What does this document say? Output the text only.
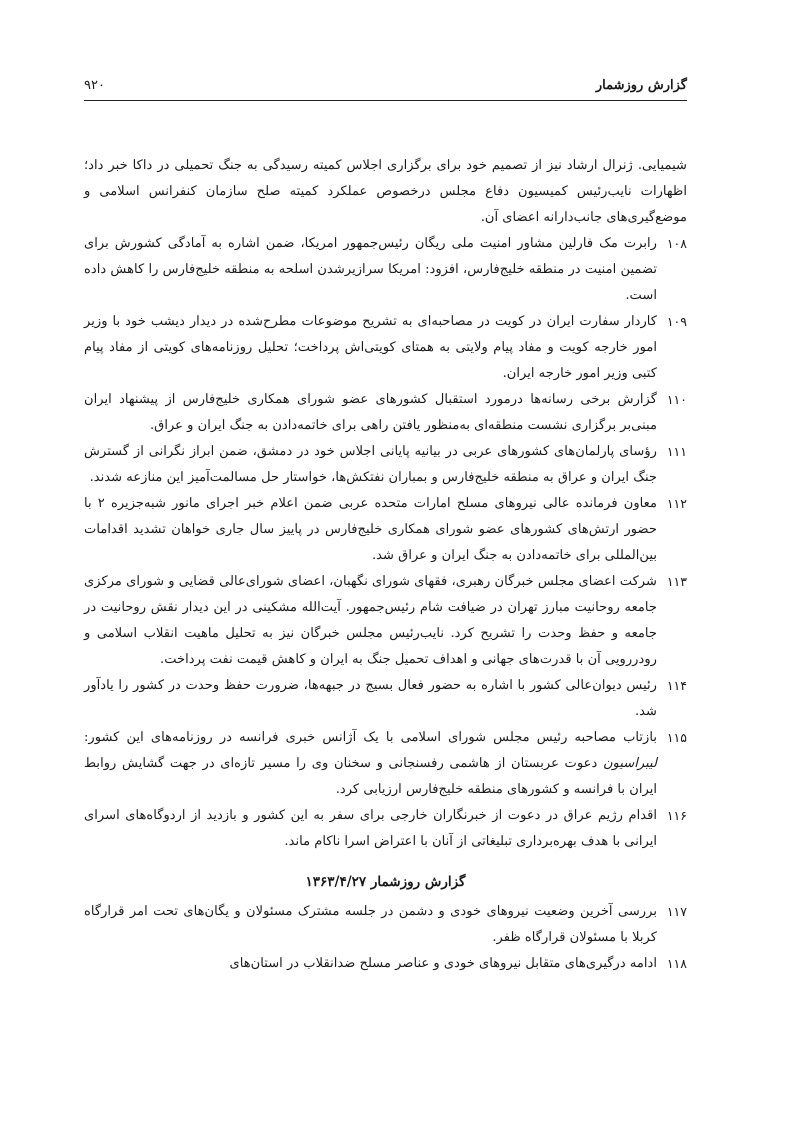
گزارش روزشمار
۹۲۰

شیمیایی. ژنرال ارشاد نیز از تصمیم خود برای برگزاری اجلاس کمیته رسیدگی به جنگ تحمیلی در داکا خبر داد؛ اظهارات نایب‌رئیس کمیسیون دفاع مجلس درخصوص عملکرد کمیته صلح سازمان کنفرانس اسلامی و موضع‌گیری‌های جانب‌دارانه اعضای آن.

۱۰۸

رابرت مک فارلین مشاور امنیت ملی ریگان رئیس‌جمهور امریکا، ضمن اشاره به آمادگی کشورش برای تضمین امنیت در منطقه خلیج‌فارس، افزود: امریکا سرازیرشدن اسلحه به منطقه خلیج‌فارس را کاهش داده است.

۱۰۹

کاردار سفارت ایران در کویت در مصاحبه‌ای به تشریح موضوعات مطرح‌شده در دیدار دیشب خود با وزیر امور خارجه کویت و مفاد پیام ولایتی به همتای کویتی‌اش پرداخت؛ تحلیل روزنامه‌های کویتی از مفاد پیام کتبی وزیر امور خارجه ایران.

۱۱۰

گزارش برخی رسانه‌ها درمورد استقبال کشورهای عضو شورای همکاری خلیج‌فارس از پیشنهاد ایران مبنی‌بر برگزاری نشست منطقه‌ای به‌منظور یافتن راهی برای خاتمه‌دادن به جنگ ایران و عراق.

۱۱۱

رؤسای پارلمان‌های کشورهای عربی در بیانیه پایانی اجلاس خود در دمشق، ضمن ابراز نگرانی از گسترش جنگ ایران و عراق به منطقه خلیج‌فارس و بمباران نفتکش‌ها، خواستار حل مسالمت‌آمیز این منازعه شدند.

۱۱۲

معاون فرمانده عالی نیروهای مسلح امارات متحده عربی ضمن اعلام خبر اجرای مانور شبه‌جزیره ۲ با حضور ارتش‌های کشورهای عضو شورای همکاری خلیج‌فارس در پاییز سال جاری خواهان تشدید اقدامات بین‌المللی برای خاتمه‌دادن به جنگ ایران و عراق شد.

۱۱۳

شرکت اعضای مجلس خبرگان رهبری، فقهای شورای نگهبان، اعضای شورای‌عالی قضایی و شورای مرکزی جامعه روحانیت مبارز تهران در ضیافت شام رئیس‌جمهور. آیت‌الله مشکینی در این دیدار نقش روحانیت در جامعه و حفظ وحدت را تشریح کرد. نایب‌رئیس مجلس خبرگان نیز به تحلیل ماهیت انقلاب اسلامی و رودررویی آن با قدرت‌های جهانی و اهداف تحمیل جنگ به ایران و کاهش قیمت نفت پرداخت.

۱۱۴

رئیس دیوان‌عالی کشور با اشاره به حضور فعال بسیج در جبهه‌ها، ضرورت حفظ وحدت در کشور را یادآور شد.

۱۱۵

بازتاب مصاحبه رئیس مجلس شورای اسلامی با یک آژانس خبری فرانسه در روزنامه‌های این کشور: لیبراسیون دعوت عربستان از هاشمی رفسنجانی و سخنان وی را مسیر تازه‌ای در جهت گشایش روابط ایران با فرانسه و کشورهای منطقه خلیج‌فارس ارزیابی کرد.

۱۱۶

اقدام رژیم عراق در دعوت از خبرنگاران خارجی برای سفر به این کشور و بازدید از اردوگاه‌های اسرای ایرانی با هدف بهره‌برداری تبلیغاتی از آنان با اعتراض اسرا ناکام ماند.

گزارش روزشمار ۱۳۶۳/۴/۲۷
۱۱۷

بررسی آخرین وضعیت نیروهای خودی و دشمن در جلسه مشترک مسئولان و یگان‌های تحت امر قرارگاه کربلا با مسئولان قرارگاه ظفر.

۱۱۸

ادامه درگیری‌های متقابل نیروهای خودی و عناصر مسلح ضدانقلاب در استان‌های
